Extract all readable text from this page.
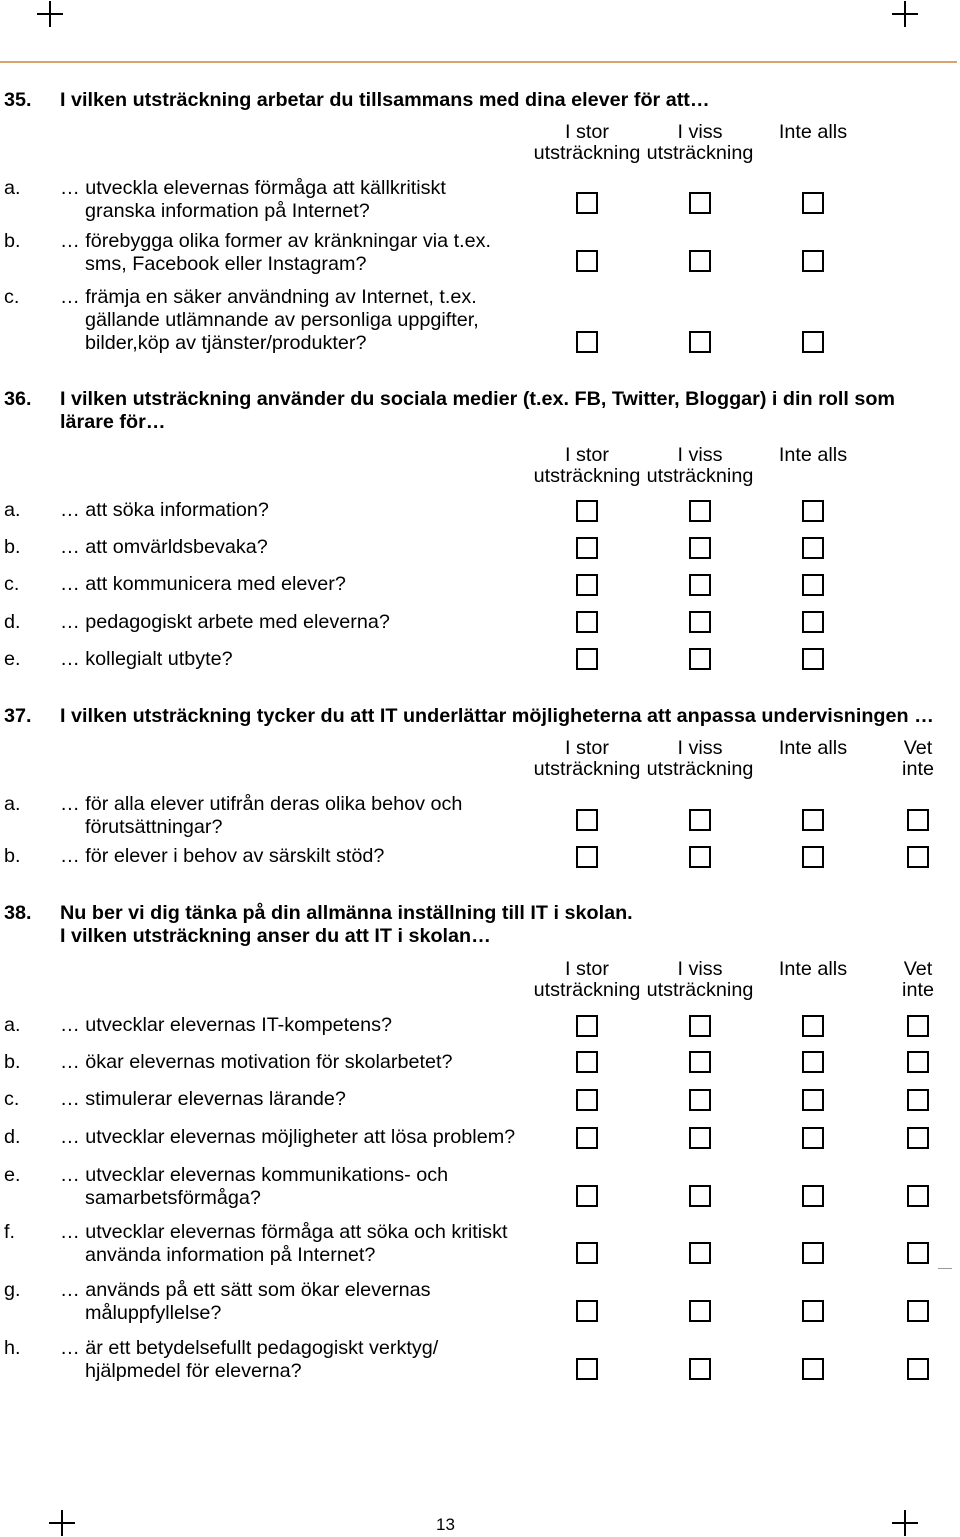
35. I vilken utsträckning arbetar du tillsammans med dina elever för att…
I stor
utsträckning
I viss
utsträckning
Inte alls
a. … utveckla elevernas förmåga att källkritiskt
granska information på Internet?
b. … förebygga olika former av kränkningar via t.ex.
sms, Facebook eller Instagram?
c. … främja en säker användning av Internet, t.ex.
gällande utlämnande av personliga uppgifter,
bilder,köp av tjänster/produkter?
36. I vilken utsträckning använder du sociala medier (t.ex. FB, Twitter, Bloggar) i din roll som
lärare för…
I stor
utsträckning
I viss
utsträckning
Inte alls
a. … att söka information?
b. … att omvärldsbevaka?
c. … att kommunicera med elever?
d. … pedagogiskt arbete med eleverna?
e. … kollegialt utbyte?
37. I vilken utsträckning tycker du att IT underlättar möjligheterna att anpassa undervisningen …
I stor
utsträckning
I viss
utsträckning
Inte alls	Vet
inte
a. … för alla elever utifrån deras olika behov och
förutsättningar?
b. … för elever i behov av särskilt stöd?
38. Nu ber vi dig tänka på din allmänna inställning till IT i skolan.
I vilken utsträckning anser du att IT i skolan…
I stor
utsträckning
I viss
utsträckning
Inte alls	Vet
inte
a. … utvecklar elevernas IT-kompetens?
b. … ökar elevernas motivation för skolarbetet?
c. … stimulerar elevernas lärande?
d. … utvecklar elevernas möjligheter att lösa problem?
e. … utvecklar elevernas kommunikations- och
samarbetsförmåga?
f. … utvecklar elevernas förmåga att söka och kritiskt
använda information på Internet?
g. … används på ett sätt som ökar elevernas
måluppfyllelse?
h. … är ett betydelsefullt pedagogiskt verktyg/
hjälpmedel för eleverna?
13
